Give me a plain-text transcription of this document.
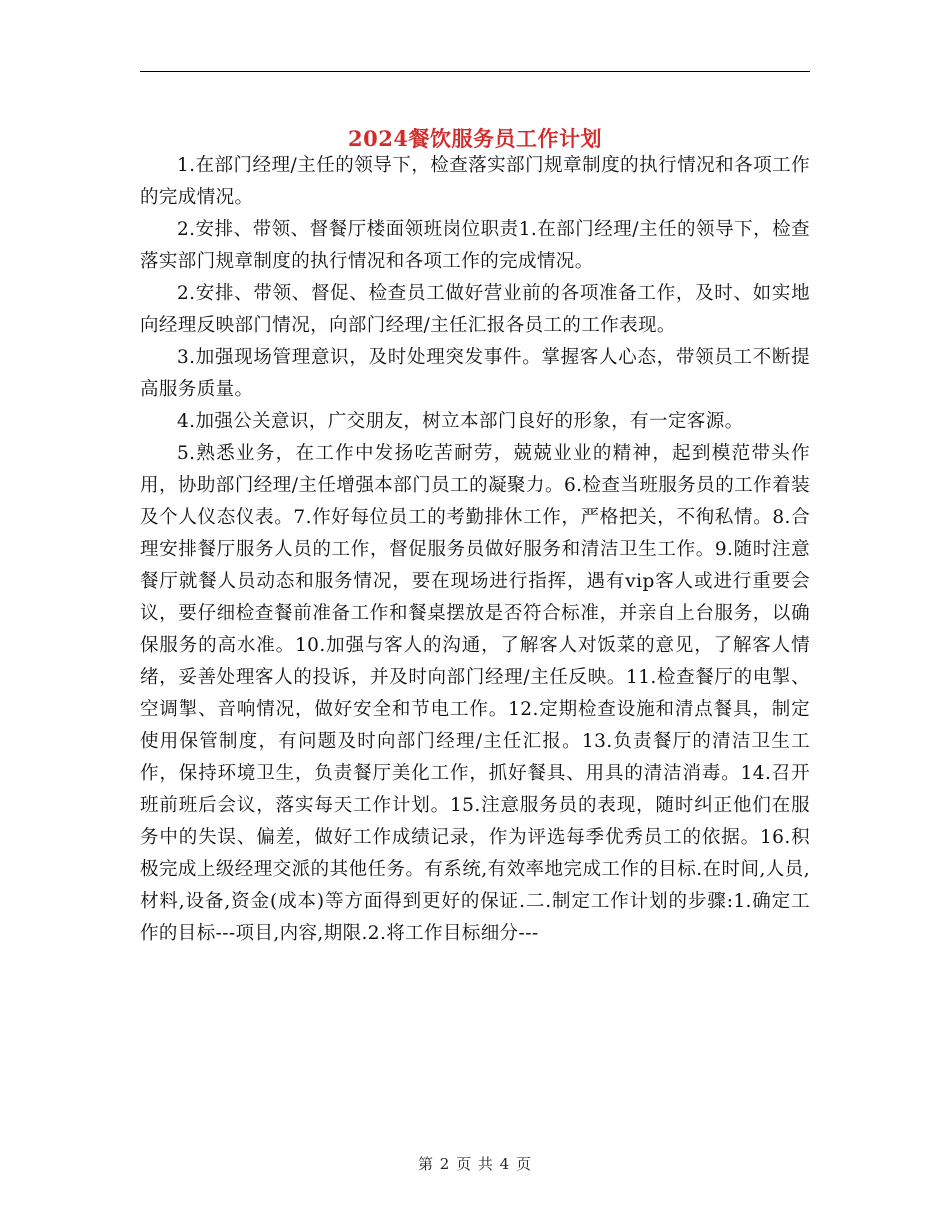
2024餐饮服务员工作计划

1.在部门经理/主任的领导下，检查落实部门规章制度的执行情况和各项工作的完成情况。

2.安排、带领、督餐厅楼面领班岗位职责1.在部门经理/主任的领导下，检查落实部门规章制度的执行情况和各项工作的完成情况。

2.安排、带领、督促、检查员工做好营业前的各项准备工作，及时、如实地向经理反映部门情况，向部门经理/主任汇报各员工的工作表现。

3.加强现场管理意识，及时处理突发事件。掌握客人心态，带领员工不断提高服务质量。

4.加强公关意识，广交朋友，树立本部门良好的形象，有一定客源。

5.熟悉业务，在工作中发扬吃苦耐劳，兢兢业业的精神，起到模范带头作用，协助部门经理/主任增强本部门员工的凝聚力。6.检查当班服务员的工作着装及个人仪态仪表。7.作好每位员工的考勤排休工作，严格把关，不徇私情。8.合理安排餐厅服务人员的工作，督促服务员做好服务和清洁卫生工作。9.随时注意餐厅就餐人员动态和服务情况，要在现场进行指挥，遇有vip客人或进行重要会议，要仔细检查餐前准备工作和餐桌摆放是否符合标准，并亲自上台服务，以确保服务的高水准。10.加强与客人的沟通，了解客人对饭菜的意见，了解客人情绪，妥善处理客人的投诉，并及时向部门经理/主任反映。11.检查餐厅的电掣、空调掣、音响情况，做好安全和节电工作。12.定期检查设施和清点餐具，制定使用保管制度，有问题及时向部门经理/主任汇报。13.负责餐厅的清洁卫生工作，保持环境卫生，负责餐厅美化工作，抓好餐具、用具的清洁消毒。14.召开班前班后会议，落实每天工作计划。15.注意服务员的表现，随时纠正他们在服务中的失误、偏差，做好工作成绩记录，作为评选每季优秀员工的依据。16.积极完成上级经理交派的其他任务。有系统,有效率地完成工作的目标.在时间,人员,材料,设备,资金(成本)等方面得到更好的保证.二.制定工作计划的步骤:1.确定工作的目标---项目,内容,期限.2.将工作目标细分---

第 2 页 共 4 页
